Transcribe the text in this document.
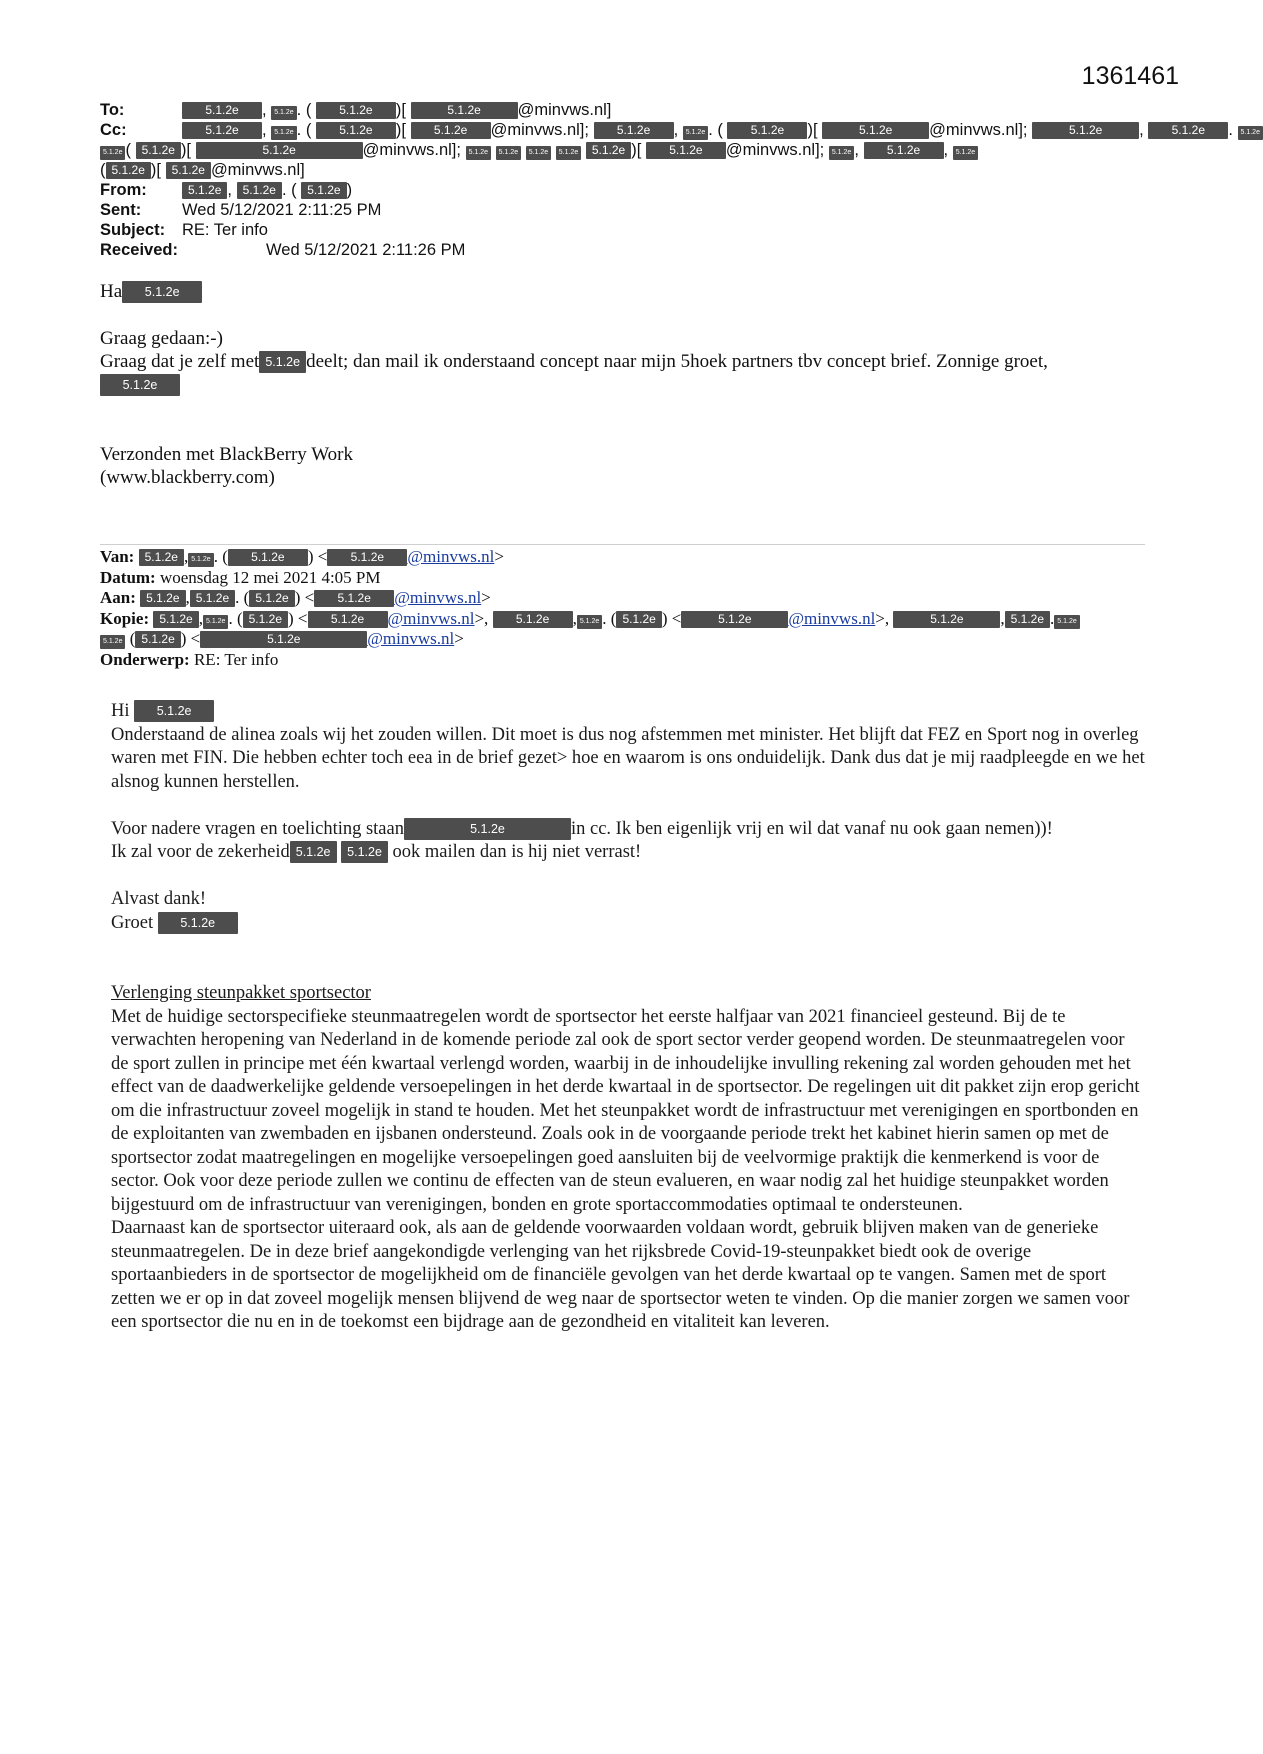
1361461
To:	5.1.2e , 5.1.2e . ( 5.1.2e )[	5.1.2e @minvws.nl]
Cc:	5.1.2e , 5.1.2e . ( 5.1.2e )[ 5.1.2e @minvws.nl]; 5.1.2e , 5.1.2e . ( 5.1.2e )[	5.1.2e @minvws.nl];	5.1.2e , 5.1.2e . 5.1.2e
5.1.2e ( 5.1.2e )[	5.1.2e	@minvws.nl]; 5.1.2e 5.1.2e 5.1.2e 5.1.2e 5.1.2e )[ 5.1.2e @minvws.nl]; 5.1.2e , 5.1.2e , 5.1.2e
( 5.1.2e )[ 5.1.2e @minvws.nl]
From:	5.1.2e , 5.1.2e . ( 5.1.2e )
Sent: Wed 5/12/2021 2:11:25 PM
Subject: RE: Ter info
Received:	Wed 5/12/2021 2:11:26 PM

Ha 5.1.2e

Graag gedaan:-)

Graag dat je zelf met 5.1.2e deelt; dan mail ik onderstaand concept naar mijn 5hoek partners tbv concept brief. Zonnige groet,

5.1.2e

Verzonden met BlackBerry Work

(www.blackberry.com)

Van: 5.1.2e , 5.1.2e . ( 5.1.2e ) < 5.1.2e @minvws.nl>
Datum: woensdag 12 mei 2021 4:05 PM
Aan: 5.1.2e , 5.1.2e . ( 5.1.2e ) < 5.1.2e @minvws.nl>
Kopie: 5.1.2e , 5.1.2e . ( 5.1.2e ) < 5.1.2e @minvws.nl>, 5.1.2e , 5.1.2e . ( 5.1.2e ) <	5.1.2e @minvws.nl>,	5.1.2e , 5.1.2e . 5.1.2e
5.1.2e ( 5.1.2e ) <	5.1.2e	@minvws.nl>
Onderwerp: RE: Ter info

Hi 5.1.2e

Onderstaand de alinea zoals wij het zouden willen. Dit moet is dus nog afstemmen met minister. Het blijft dat FEZ en Sport nog in overleg waren met FIN. Die hebben echter toch eea in de brief gezet> hoe en waarom is ons onduidelijk. Dank dus dat je mij raadpleegde en we het alsnog kunnen herstellen.

Voor nadere vragen en toelichting staan	5.1.2e	in cc. Ik ben eigenlijk vrij en wil dat vanaf nu ook gaan nemen))!

Ik zal voor de zekerheid 5.1.2e 5.1.2e ook mailen dan is hij niet verrast!

Alvast dank!

Groet 5.1.2e

Verlenging steunpakket sportsector

Met de huidige sectorspecifieke steunmaatregelen wordt de sportsector het eerste halfjaar van 2021 financieel gesteund. Bij de te verwachten heropening van Nederland in de komende periode zal ook de sport sector verder geopend worden. De steunmaatregelen voor de sport zullen in principe met één kwartaal verlengd worden, waarbij in de inhoudelijke invulling rekening zal worden gehouden met het effect van de daadwerkelijke geldende versoepelingen in het derde kwartaal in de sportsector. De regelingen uit dit pakket zijn erop gericht om die infrastructuur zoveel mogelijk in stand te houden. Met het steunpakket wordt de infrastructuur met verenigingen en sportbonden en de exploitanten van zwembaden en ijsbanen ondersteund. Zoals ook in de voorgaande periode trekt het kabinet hierin samen op met de sportsector zodat maatregelingen en mogelijke versoepelingen goed aansluiten bij de veelvormige praktijk die kenmerkend is voor de sector. Ook voor deze periode zullen we continu de effecten van de steun evalueren, en waar nodig zal het huidige steunpakket worden bijgestuurd om de infrastructuur van verenigingen, bonden en grote sportaccommodaties optimaal te ondersteunen.

Daarnaast kan de sportsector uiteraard ook, als aan de geldende voorwaarden voldaan wordt, gebruik blijven maken van de generieke steunmaatregelen. De in deze brief aangekondigde verlenging van het rijksbrede Covid-19-steunpakket biedt ook de overige sportaanbieders in de sportsector de mogelijkheid om de financiële gevolgen van het derde kwartaal op te vangen. Samen met de sport zetten we er op in dat zoveel mogelijk mensen blijvend de weg naar de sportsector weten te vinden. Op die manier zorgen we samen voor een sportsector die nu en in de toekomst een bijdrage aan de gezondheid en vitaliteit kan leveren.
